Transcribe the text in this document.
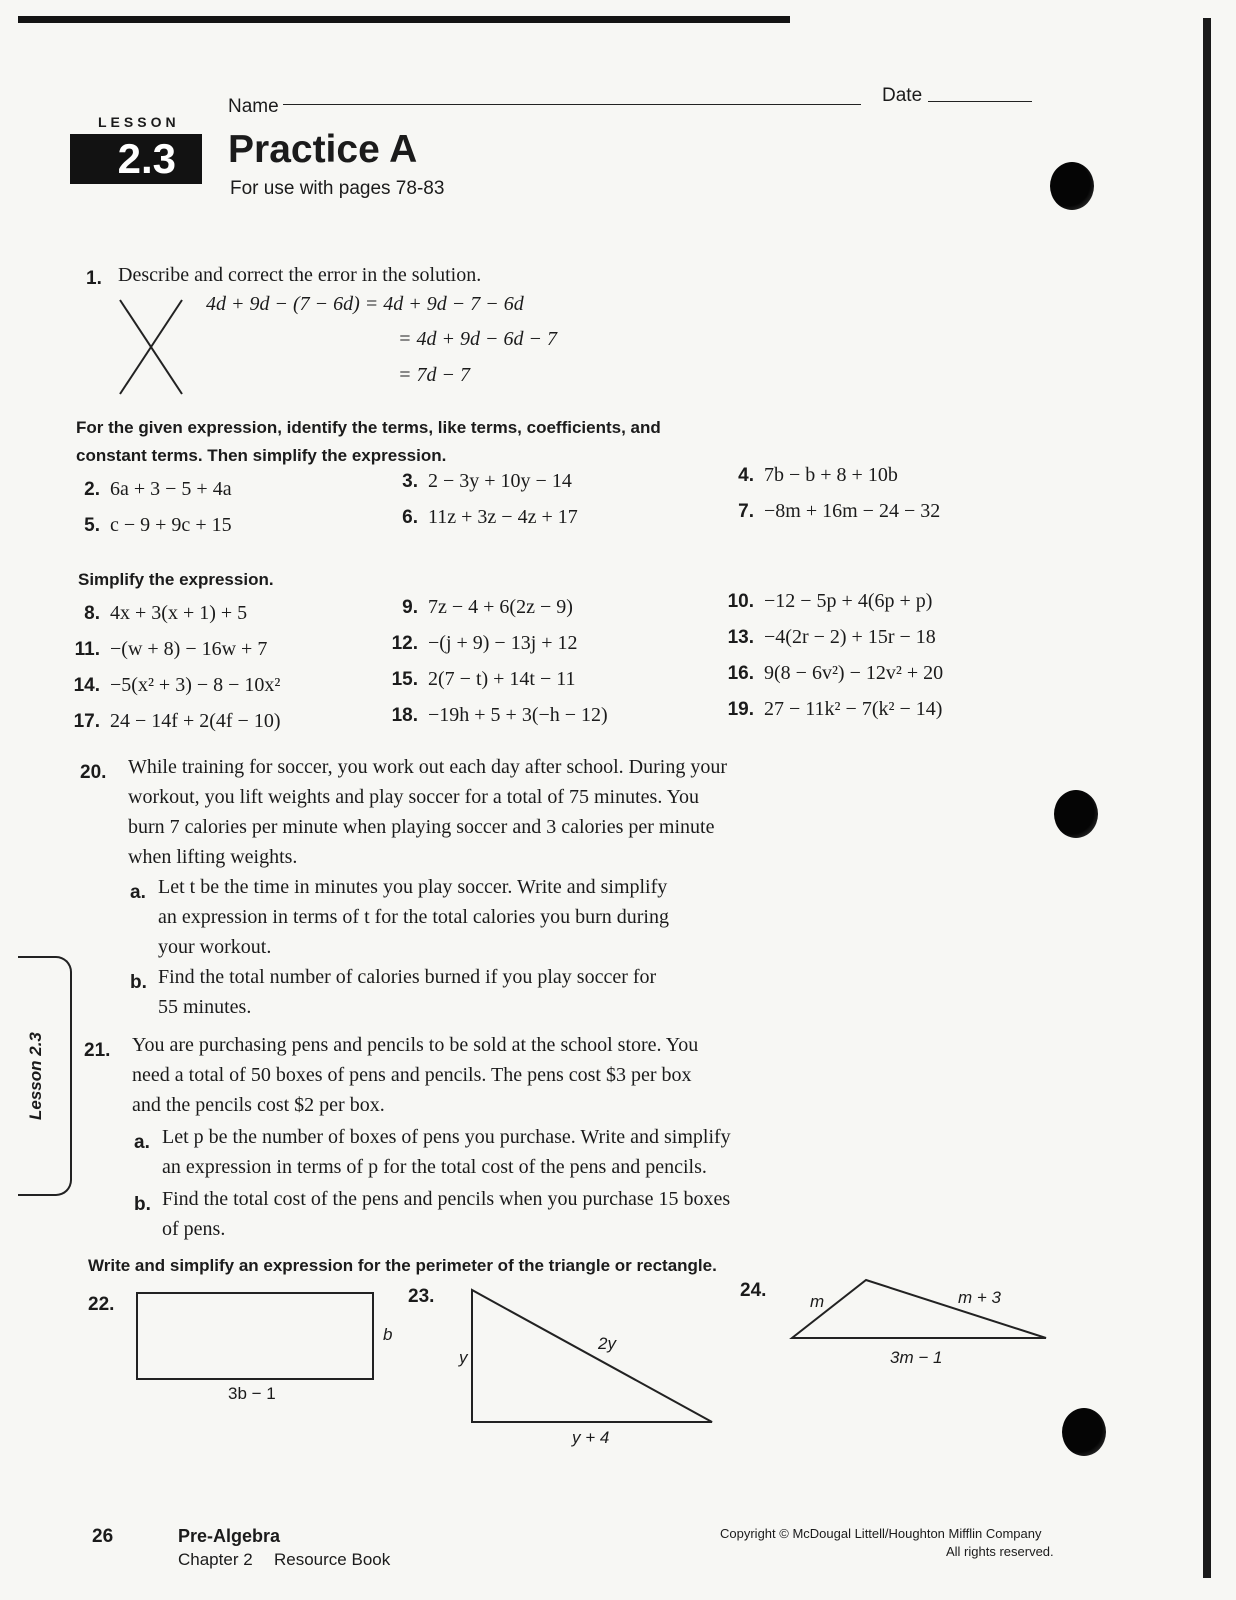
LESSON
2.3
Name
Date
Practice A
For use with pages 78-83
1. Describe and correct the error in the solution.
4d + 9d − (7 − 6d) = 4d + 9d − 7 − 6d
= 4d + 9d − 6d − 7
= 7d − 7
For the given expression, identify the terms, like terms, coefficients, and
constant terms. Then simplify the expression.
2. 6a + 3 − 5 + 4a	3. 2 − 3y + 10y − 14	4. 7b − b + 8 + 10b
5. c − 9 + 9c + 15	6. 11z + 3z − 4z + 17	7. −8m + 16m − 24 − 32
Simplify the expression.
8. 4x + 3(x + 1) + 5	9. 7z − 4 + 6(2z − 9)	10. −12 − 5p + 4(6p + p)
11. −(w + 8) − 16w + 7	12. −(j + 9) − 13j + 12	13. −4(2r − 2) + 15r − 18
14. −5(x² + 3) − 8 − 10x²	15. 2(7 − t) + 14t − 11	16. 9(8 − 6v²) − 12v² + 20
17. 24 − 14f + 2(4f − 10)	18. −19h + 5 + 3(−h − 12)	19. 27 − 11k² − 7(k² − 14)
20. While training for soccer, you work out each day after school. During your
workout, you lift weights and play soccer for a total of 75 minutes. You
burn 7 calories per minute when playing soccer and 3 calories per minute
when lifting weights.
a. Let t be the time in minutes you play soccer. Write and simplify
an expression in terms of t for the total calories you burn during
your workout.
b. Find the total number of calories burned if you play soccer for
55 minutes.
Lesson 2.3 21. You are purchasing pens and pencils to be sold at the school store. You
need a total of 50 boxes of pens and pencils. The pens cost $3 per box
and the pencils cost $2 per box.
a. Let p be the number of boxes of pens you purchase. Write and simplify
an expression in terms of p for the total cost of the pens and pencils.
b. Find the total cost of the pens and pencils when you purchase 15 boxes
of pens.
Write and simplify an expression for the perimeter of the triangle or rectangle.
22.
b
3b − 1
23.
y
2y
y + 4
24.
m	m + 3
3m − 1
26	Pre-Algebra
Chapter 2 Resource Book
Copyright © McDougal Littell/Houghton Mifflin Company
All rights reserved.
